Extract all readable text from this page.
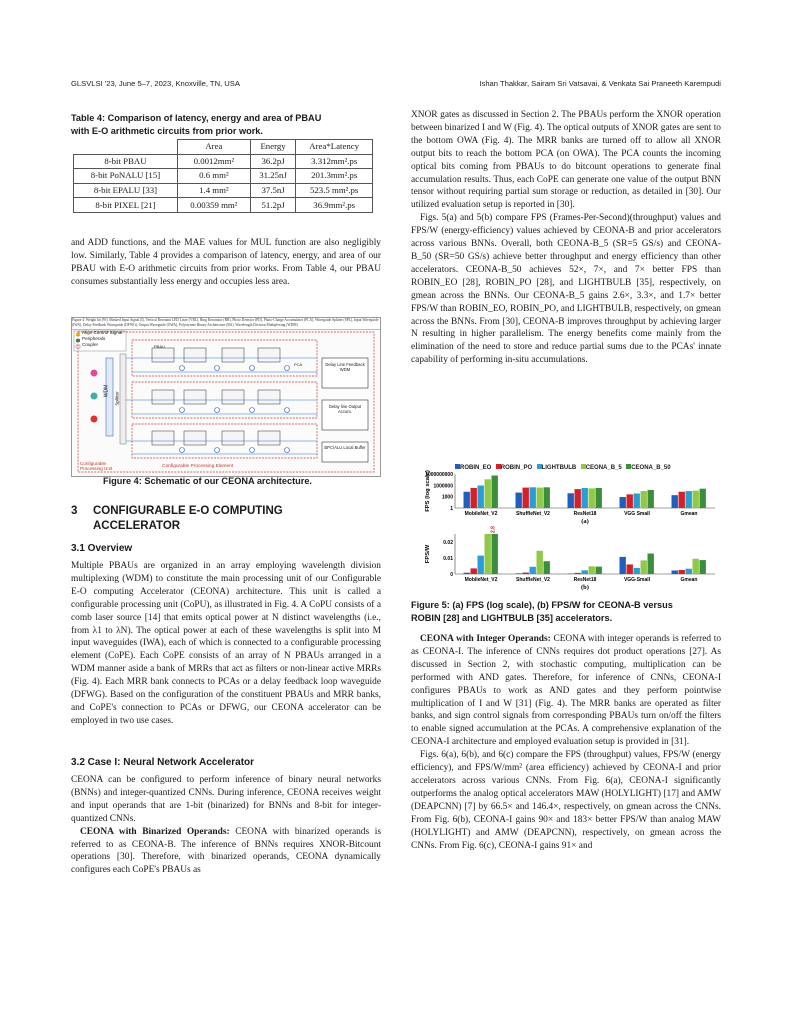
GLSVLSI '23, June 5–7, 2023, Knoxville, TN, USA	Ishan Thakkar, Sairam Sri Vatsavai, & Venkata Sai Praneeth Karempudi
Table 4: Comparison of latency, energy and area of PBAU
with E-O arithmetic circuits from prior work.
	Area	Energy	Area*Latency
8-bit PBAU	0.0012mm²	36.2pJ	3.312mm².ps
8-bit PoNALU [15]	0.6 mm²	31.25nJ	201.3mm².ps
8-bit EPALU [33]	1.4 mm²	37.5nJ	523.5 mm².ps
8-bit PIXEL [21]	0.00359 mm²	51.2pJ	36.9mm².ps

and ADD functions, and the MAE values for MUL function are also negligibly low. Similarly, Table 4 provides a comparison of latency, energy, and area of our PBAU with E-O arithmetic circuits from prior works. From Table 4, our PBAU consumes substantially less energy and occupies less area.

Figure 4: Weight bit (W), Masked Input Signal (I), Vertical Resonant LED Laser (VRL), Ring Resonator (RR), Photo Detector (PD), Photo-Charge Accumulator (PCA), Waveguide Splitter (SPL), Input Waveguide (IWA), Delay Feedback Waveguide (DFWG), Output Waveguide (OWA), Polystyrene Binary Architecture (BA), Wavelength Division Multiplexing (WDM)
Align Control Signal
Peripherals
Coupler
WDM
Splitter
Configurable Processing Element
Configurable Processing Unit
Delay Line Feedback WDM
Delay line Output Accum.
BPC/ALU Local Buffer
PBAU
PCA
Figure 4: Schematic of our CEONA architecture.
3 CONFIGURABLE E-O COMPUTING
ACCELERATOR
3.1 Overview

Multiple PBAUs are organized in an array employing wavelength division multiplexing (WDM) to constitute the main processing unit of our Configurable E-O computing Accelerator (CEONA) architecture. This unit is called a configurable processing unit (CoPU), as illustrated in Fig. 4. A CoPU consists of a comb laser source [14] that emits optical power at N distinct wavelengths (i.e., from λ1 to λN). The optical power at each of these wavelengths is split into M input waveguides (IWA), each of which is connected to a configurable processing element (CoPE). Each CoPE consists of an array of N PBAUs arranged in a WDM manner aside a bank of MRRs that act as filters or non-linear active MRRs (Fig. 4). Each MRR bank connects to PCAs or a delay feedback loop waveguide (DFWG). Based on the configuration of the constituent PBAUs and MRR banks, and CoPE's connection to PCAs or DFWG, our CEONA accelerator can be employed in two use cases.

3.2 Case I: Neural Network Accelerator

CEONA can be configured to perform inference of binary neural networks (BNNs) and integer-quantized CNNs. During inference, CEONA receives weight and input operands that are 1-bit (binarized) for BNNs and 8-bit for integer-quantized CNNs.

CEONA with Binarized Operands: CEONA with binarized operands is referred to as CEONA-B. The inference of BNNs requires XNOR-Bitcount operations [30]. Therefore, with binarized operands, CEONA dynamically configures each CoPE's PBAUs as

XNOR gates as discussed in Section 2. The PBAUs perform the XNOR operation between binarized I and W (Fig. 4). The optical outputs of XNOR gates are sent to the bottom OWA (Fig. 4). The MRR banks are turned off to allow all XNOR output bits to reach the bottom PCA (on OWA). The PCA counts the incoming optical bits coming from PBAUs to do bitcount operations to generate final accumulation results. Thus, each CoPE can generate one value of the output BNN tensor without requiring partial sum storage or reduction, as detailed in [30]. Our utilized evaluation setup is reported in [30].

Figs. 5(a) and 5(b) compare FPS (Frames-Per-Second)(throughput) values and FPS/W (energy-efficiency) values achieved by CEONA-B and prior accelerators across various BNNs. Overall, both CEONA-B_5 (SR=5 GS/s) and CEONA-B_50 (SR=50 GS/s) achieve better throughput and energy efficiency than other accelerators. CEONA-B_50 achieves 52×, 7×, and 7× better FPS than ROBIN_EO [28], ROBIN_PO [28], and LIGHTBULB [35], respectively, on gmean across the BNNs. Our CEONA-B_5 gains 2.6×, 3.3×, and 1.7× better FPS/W than ROBIN_EO, ROBIN_PO, and LIGHTBULB, respectively, on gmean across the BNNs. From [30], CEONA-B improves throughput by achieving larger N resulting in higher parallelism. The energy benefits come mainly from the elimination of the need to store and reduce partial sums due to the PCAs' innate capability of performing in-situ accumulations.

ROBIN_EO ROBIN_PO LIGHTBULB CEONA_B_5 CEONA_B_50
FPS (log scale)
1000000000
1000000
1000
1
MobileNet_V2	ShuffleNet_V2	ResNet18	VGG Small	Gmean
(a)
FPS/W
0.02
0.01
0
MobileNet_V2	ShuffleNet_V2	ResNet18	VGG-Small	Gmean
(b)
2.8
Figure 5: (a) FPS (log scale), (b) FPS/W for CEONA-B versus
ROBIN [28] and LIGHTBULB [35] accelerators.

CEONA with Integer Operands: CEONA with integer operands is referred to as CEONA-I. The inference of CNNs requires dot product operations [27]. As discussed in Section 2, with stochastic computing, multiplication can be performed with AND gates. Therefore, for inference of CNNs, CEONA-I configures PBAUs to work as AND gates and they perform pointwise multiplication of I and W [31] (Fig. 4). The MRR banks are operated as filter banks, and sign control signals from corresponding PBAUs turn on/off the filters to enable signed accumulation at the PCAs. A comprehensive explanation of the CEONA-I architecture and employed evaluation setup is provided in [31].

Figs. 6(a), 6(b), and 6(c) compare the FPS (throughput) values, FPS/W (energy efficiency), and FPS/W/mm² (area efficiency) achieved by CEONA-I and prior accelerators across various CNNs. From Fig. 6(a), CEONA-I significantly outperforms the analog optical accelerators MAW (HOLYLIGHT) [17] and AMW (DEAPCNN) [7] by 66.5× and 146.4×, respectively, on gmean across the CNNs. From Fig. 6(b), CEONA-I gains 90× and 183× better FPS/W than analog MAW (HOLYLIGHT) and AMW (DEAPCNN), respectively, on gmean across the CNNs. From Fig. 6(c), CEONA-I gains 91× and
